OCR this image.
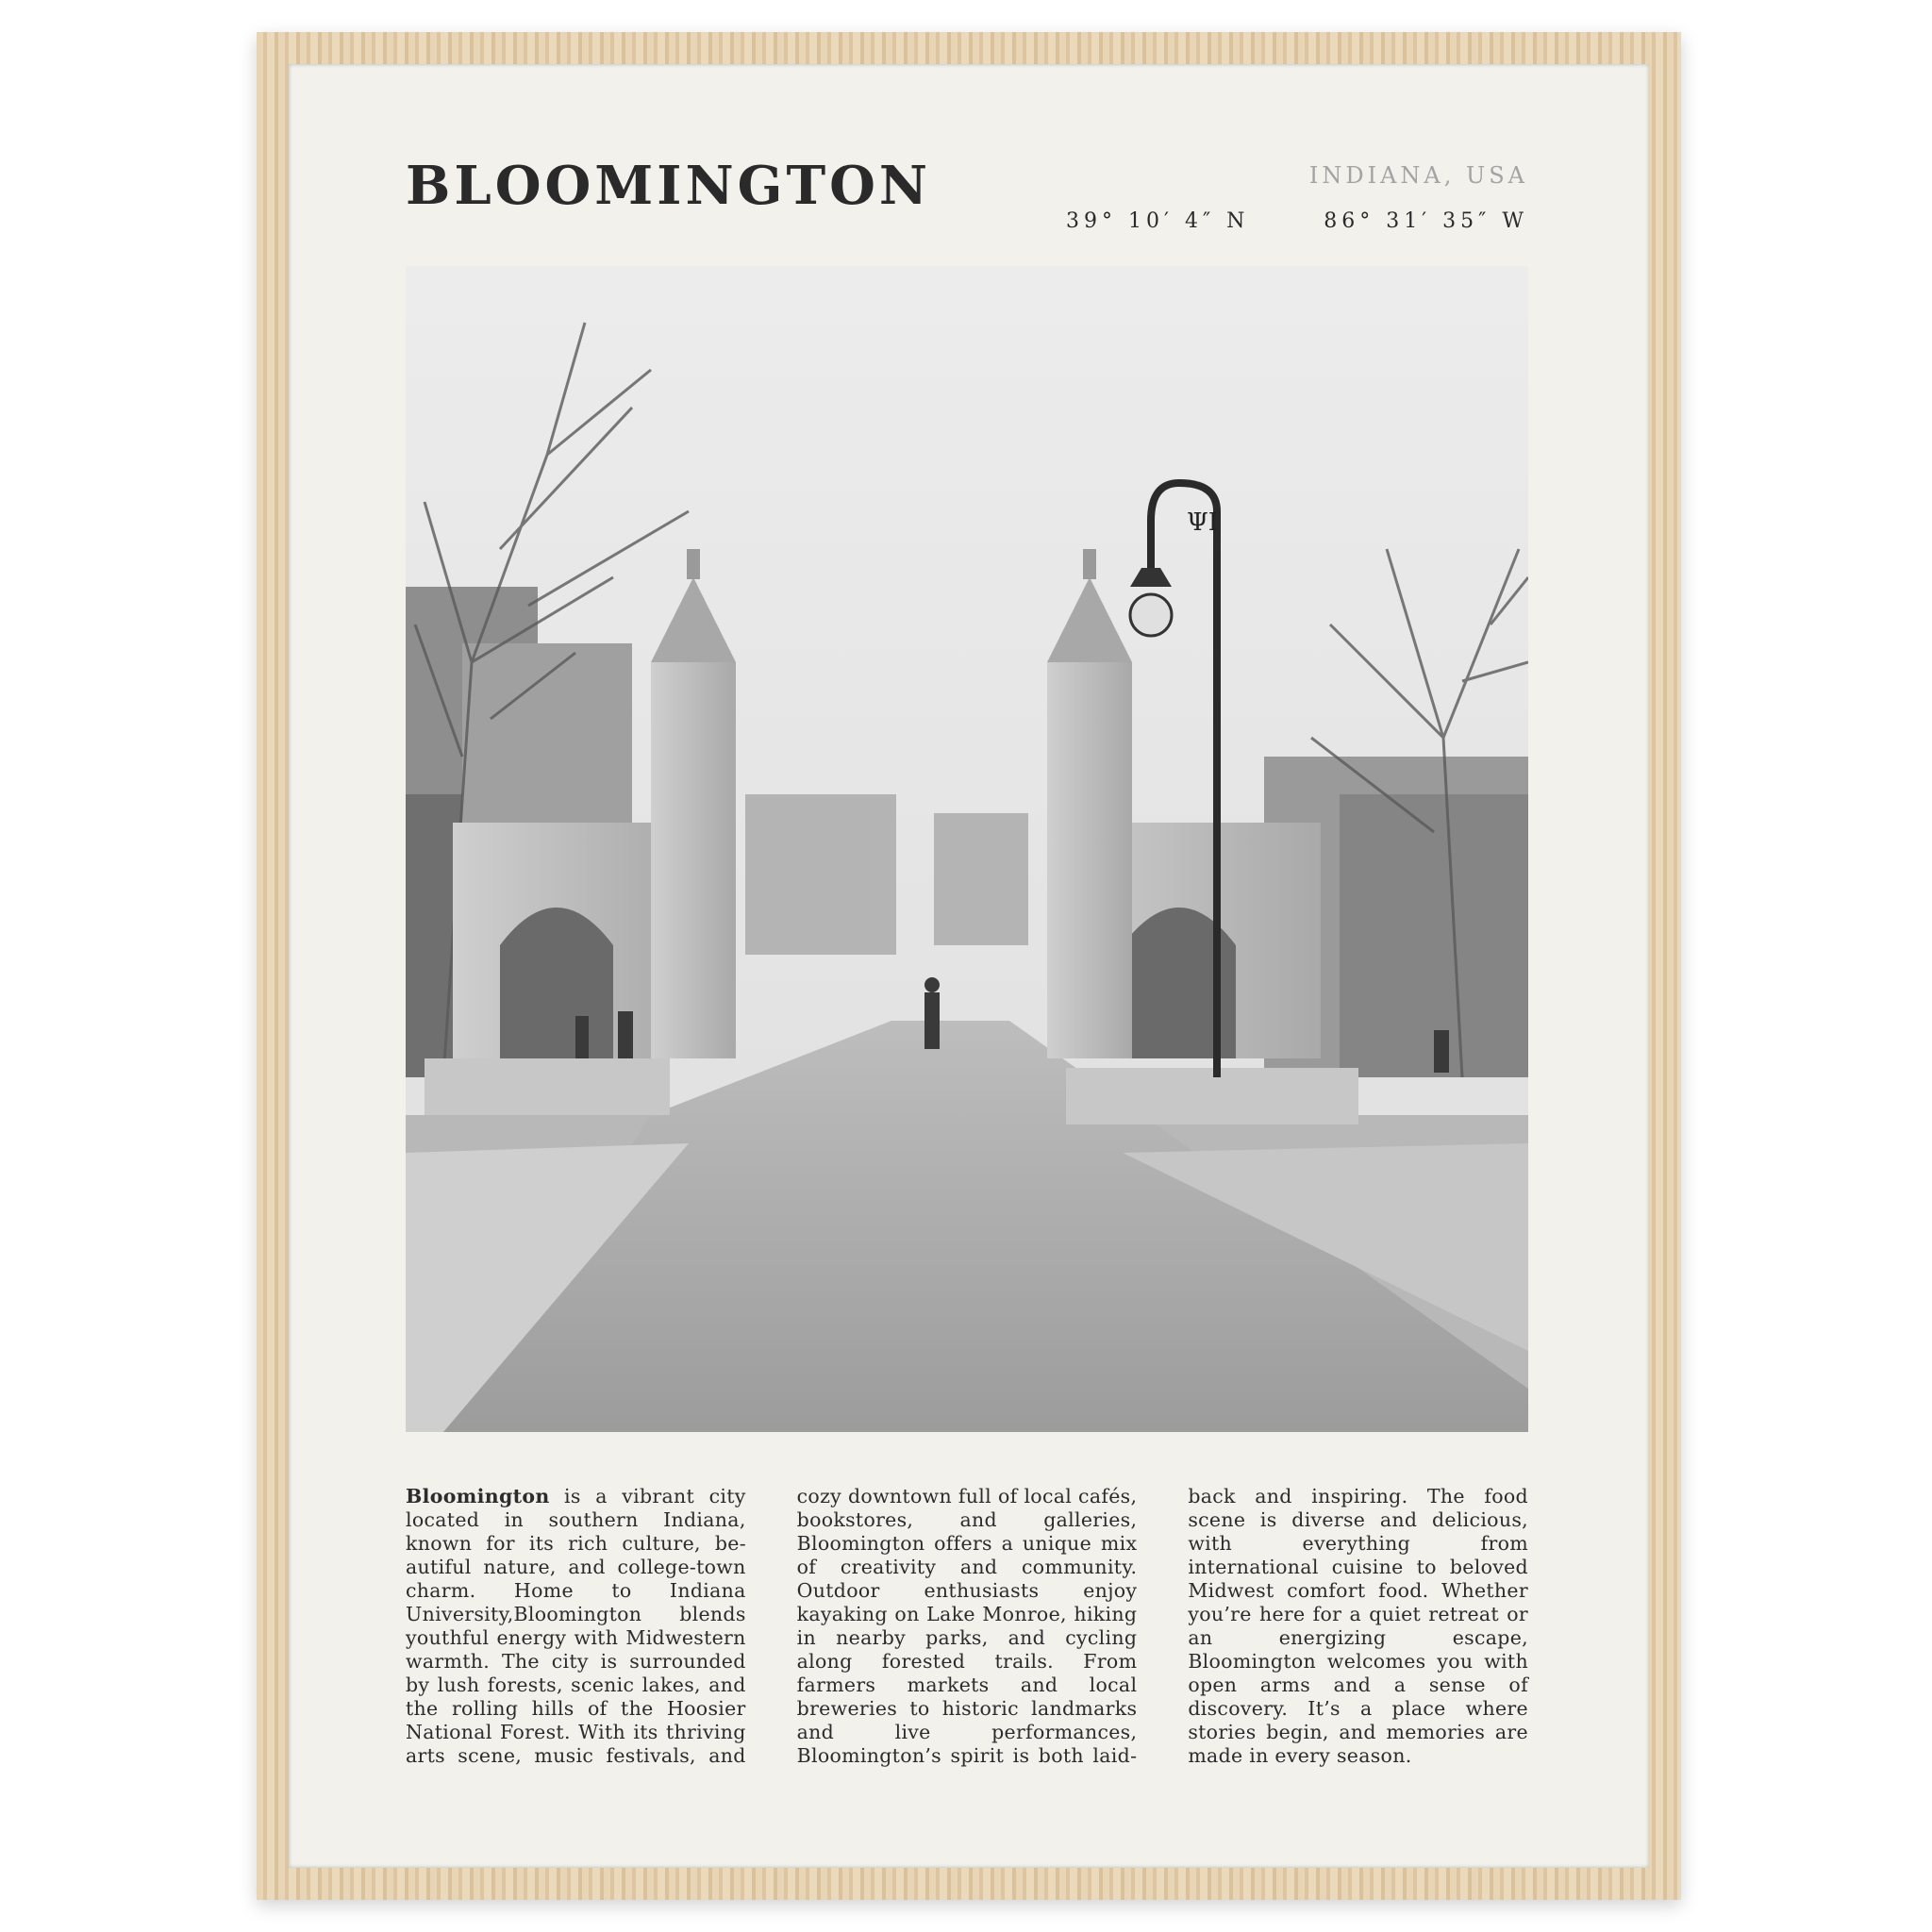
BLOOMINGTON	INDIANA, USA
39° 10′ 4″ N	86° 31′ 35″ W
ΨI
Bloomington is a vibrant city located in southern Indiana, known for its rich culture, beautiful nature, and college-town charm. Home to Indiana University,Bloomington blends youthful energy with Midwestern warmth. The city is surrounded by lush forests, scenic lakes, and the rolling hills of the Hoosier National Forest. With its thriving arts scene, music festivals, and cozy downtown full of local cafés, bookstores, and galleries, Bloomington offers a unique mix of creativity and community. Outdoor enthusiasts enjoy kayaking on Lake Monroe, hiking in nearby parks, and cycling along forested trails. From farmers markets and local breweries to historic landmarks and live performances, Bloomington’s spirit is both laid-back and inspiring. The food scene is diverse and delicious, with everything from international cuisine to beloved Midwest comfort food. Whether you’re here for a quiet retreat or an energizing escape, Bloomington welcomes you with open arms and a sense of discovery. It’s a place where stories begin, and memories are made in every season.
